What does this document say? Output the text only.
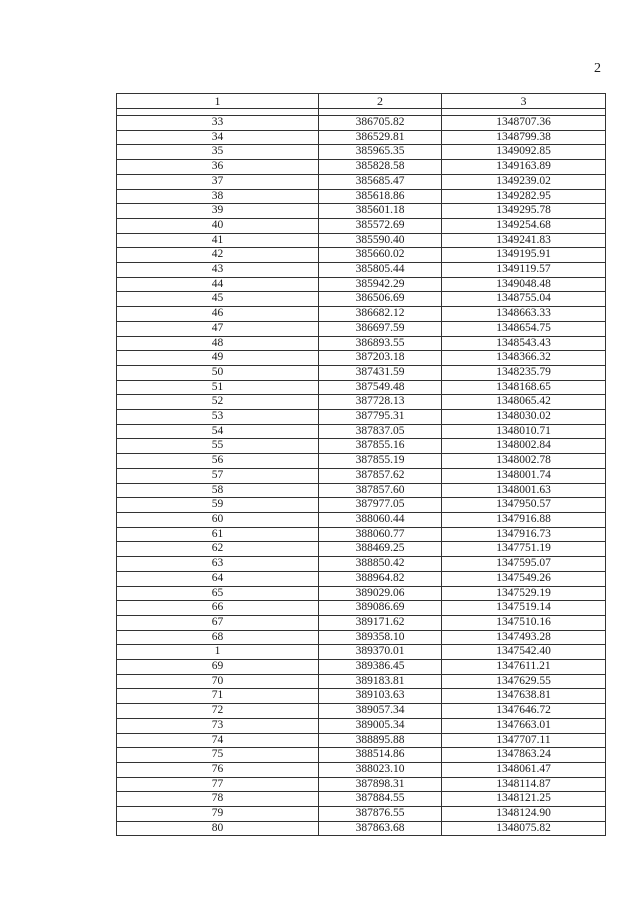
2
1	2	3

33	386705.82	1348707.36
34	386529.81	1348799.38
35	385965.35	1349092.85
36	385828.58	1349163.89
37	385685.47	1349239.02
38	385618.86	1349282.95
39	385601.18	1349295.78
40	385572.69	1349254.68
41	385590.40	1349241.83
42	385660.02	1349195.91
43	385805.44	1349119.57
44	385942.29	1349048.48
45	386506.69	1348755.04
46	386682.12	1348663.33
47	386697.59	1348654.75
48	386893.55	1348543.43
49	387203.18	1348366.32
50	387431.59	1348235.79
51	387549.48	1348168.65
52	387728.13	1348065.42
53	387795.31	1348030.02
54	387837.05	1348010.71
55	387855.16	1348002.84
56	387855.19	1348002.78
57	387857.62	1348001.74
58	387857.60	1348001.63
59	387977.05	1347950.57
60	388060.44	1347916.88
61	388060.77	1347916.73
62	388469.25	1347751.19
63	388850.42	1347595.07
64	388964.82	1347549.26
65	389029.06	1347529.19
66	389086.69	1347519.14
67	389171.62	1347510.16
68	389358.10	1347493.28
1	389370.01	1347542.40
69	389386.45	1347611.21
70	389183.81	1347629.55
71	389103.63	1347638.81
72	389057.34	1347646.72
73	389005.34	1347663.01
74	388895.88	1347707.11
75	388514.86	1347863.24
76	388023.10	1348061.47
77	387898.31	1348114.87
78	387884.55	1348121.25
79	387876.55	1348124.90
80	387863.68	1348075.82
